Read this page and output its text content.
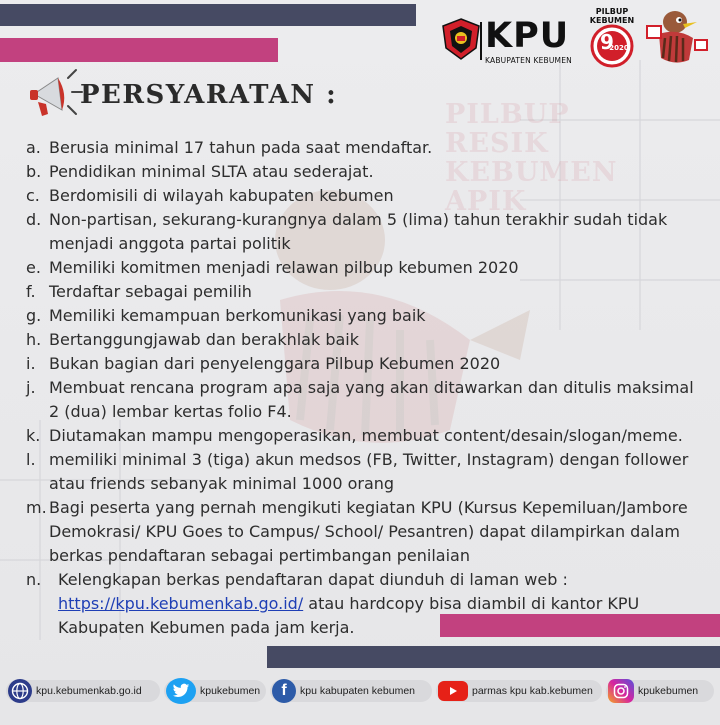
PILBUP
RESIK
KEBUMEN
APIK
KPU
KABUPATEN KEBUMEN
PILBUP
KEBUMEN
9
2020
PERSYARATAN :
a. Berusia minimal 17 tahun pada saat mendaftar.
b. Pendidikan minimal SLTA atau sederajat.
c. Berdomisili di wilayah kabupaten kebumen
d. Non-partisan, sekurang-kurangnya dalam 5 (lima) tahun terakhir sudah tidak
menjadi anggota partai politik
e. Memiliki komitmen menjadi relawan pilbup kebumen 2020
f. Terdaftar sebagai pemilih
g. Memiliki kemampuan berkomunikasi yang baik
h. Bertanggungjawab dan berakhlak baik
i. Bukan bagian dari penyelenggara Pilbup Kebumen 2020
j. Membuat rencana program apa saja yang akan ditawarkan dan ditulis maksimal
2 (dua) lembar kertas folio F4.
k. Diutamakan mampu mengoperasikan, membuat content/desain/slogan/meme.
l. memiliki minimal 3 (tiga) akun medsos (FB, Twitter, Instagram) dengan follower
atau friends sebanyak minimal 1000 orang
m. Bagi peserta yang pernah mengikuti kegiatan KPU (Kursus Kepemiluan/Jambore
Demokrasi/ KPU Goes to Campus/ School/ Pesantren) dapat dilampirkan dalam
berkas pendaftaran sebagai pertimbangan penilaian
n.	Kelengkapan berkas pendaftaran dapat diunduh di laman web :
https://kpu.kebumenkab.go.id/ atau hardcopy bisa diambil di kantor KPU
Kabupaten Kebumen pada jam kerja.
kpu.kebumenkab.go.id	kpukebumen f kpu kabupaten kebumen	parmas kpu kab.kebumen	kpukebumen
